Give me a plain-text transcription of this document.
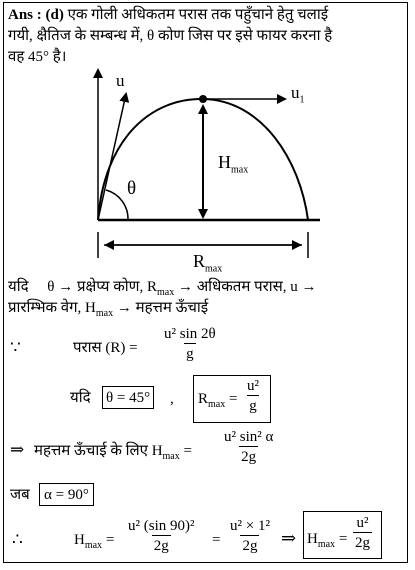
Ans : (d) एक गोली अधिकतम परास तक पहुँचाने हेतु चलाई
गयी, क्षैतिज के सम्बन्ध में, θ कोण जिस पर इसे फायर करना है
वह 45° है।
u
$u_1$
θ
$H_{max}$
$R_{max}$
यदि     θ → प्रक्षेप्य कोण, $R_{max}$ → अधिकतम परास, u →
प्रारम्भिक वेग, $H_{max}$ → महत्तम ऊँचाई
∵	परास $(R) = \frac{\text{u² sin 2θ}}{g}$
यदि θ = 45° , $R_{max} = \frac{\text{u²}}{g}$
⇒ महत्तम ऊँचाई के लिए $H_{max} = \frac{\text{u² sin² α}}{2g}$
जब α = 90°
∴	$H_{max} = \frac{\text{u² (sin 90)²}}{2g} = \frac{\text{u² × 1²}}{2g}$ ⇒ $H_{max} = \frac{\text{u²}}{2g}$
